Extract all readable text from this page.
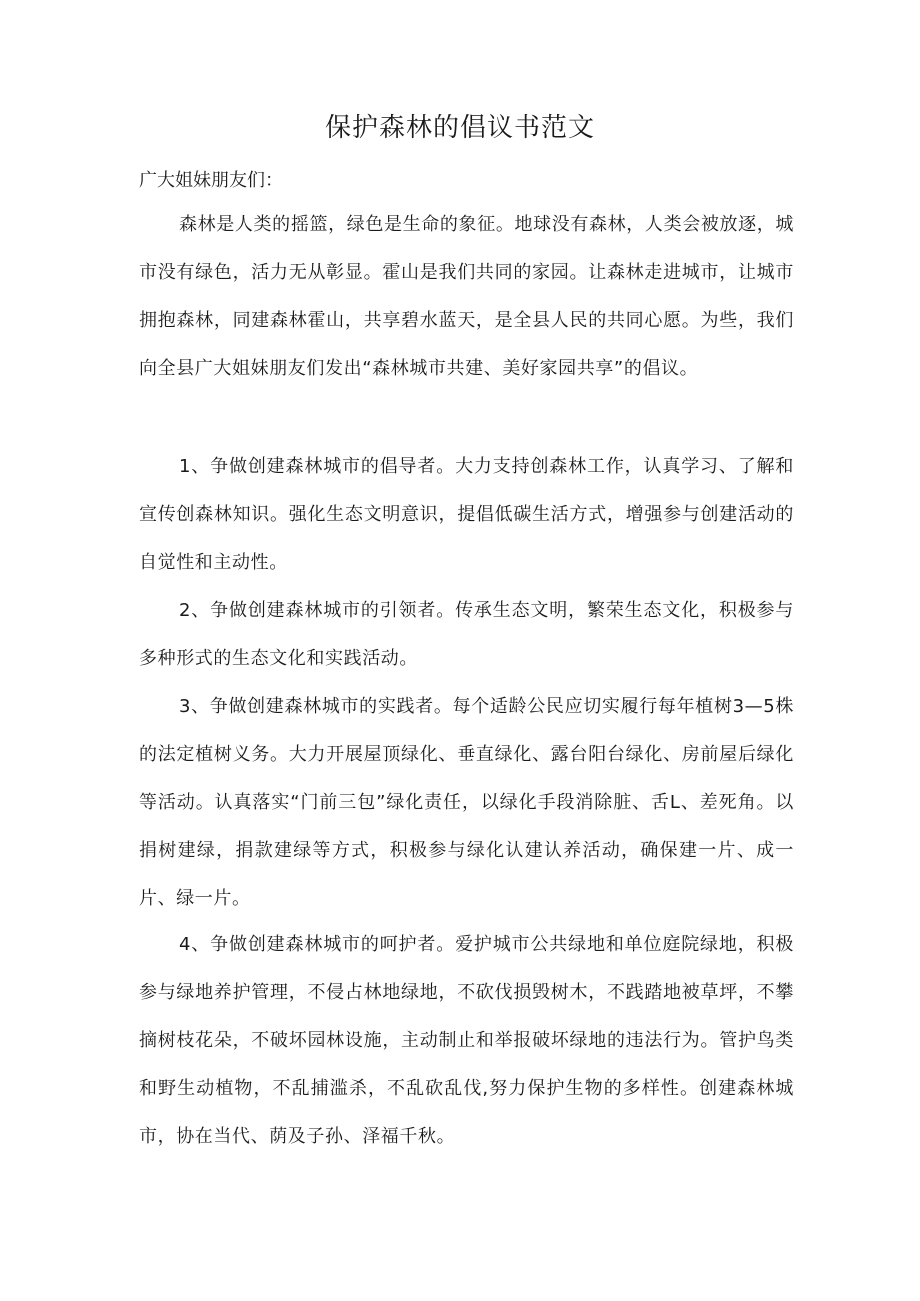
保护森林的倡议书范文

广大姐妹朋友们：

森林是人类的摇篮，绿色是生命的象征。地球没有森林，人类会被放逐，城市没有绿色，活力无从彰显。霍山是我们共同的家园。让森林走进城市，让城市拥抱森林，同建森林霍山，共享碧水蓝天，是全县人民的共同心愿。为些，我们向全县广大姐妹朋友们发出“森林城市共建、美好家园共享”的倡议。

1、争做创建森林城市的倡导者。大力支持创森林工作，认真学习、了解和宣传创森林知识。强化生态文明意识，提倡低碳生活方式，增强参与创建活动的自觉性和主动性。

2、争做创建森林城市的引领者。传承生态文明，繁荣生态文化，积极参与多种形式的生态文化和实践活动。

3、争做创建森林城市的实践者。每个适龄公民应切实履行每年植树3—5株的法定植树义务。大力开展屋顶绿化、垂直绿化、露台阳台绿化、房前屋后绿化等活动。认真落实“门前三包”绿化责任，以绿化手段消除脏、舌L、差死角。以捐树建绿，捐款建绿等方式，积极参与绿化认建认养活动，确保建一片、成一片、绿一片。

4、争做创建森林城市的呵护者。爱护城市公共绿地和单位庭院绿地，积极参与绿地养护管理，不侵占林地绿地，不砍伐损毁树木，不践踏地被草坪，不攀摘树枝花朵，不破坏园林设施，主动制止和举报破坏绿地的违法行为。管护鸟类和野生动植物，不乱捕滥杀，不乱砍乱伐,努力保护生物的多样性。创建森林城市，协在当代、荫及子孙、泽福千秋。
